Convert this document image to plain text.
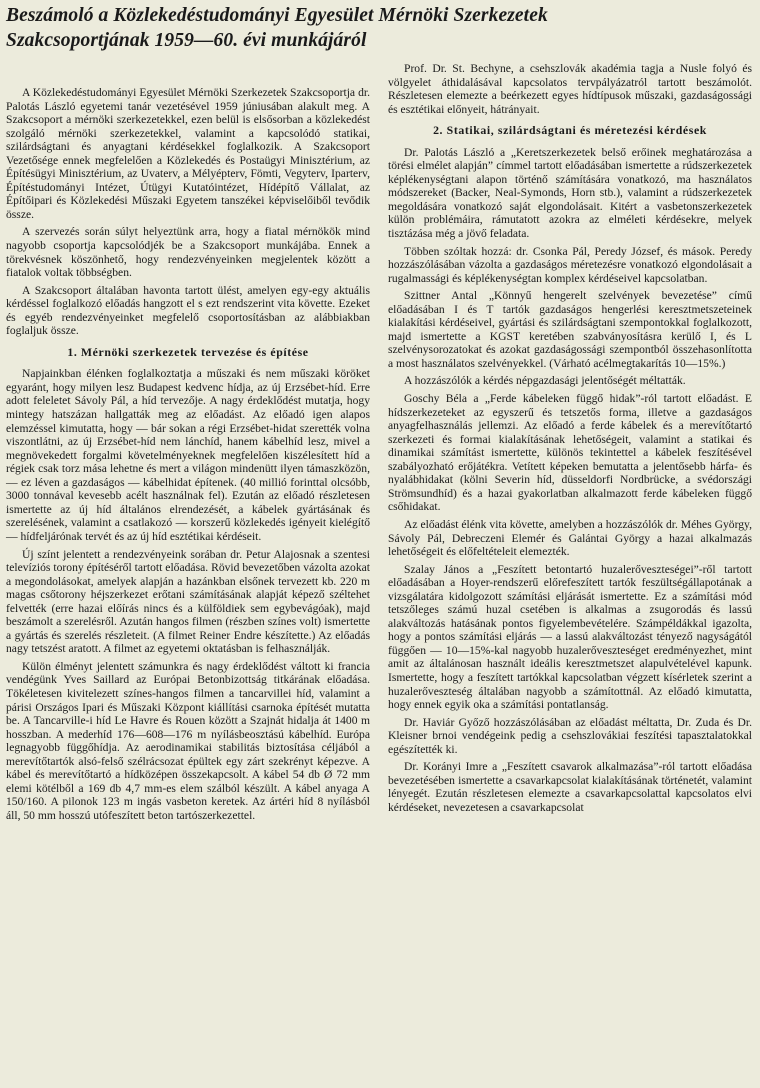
Beszámoló a Közlekedéstudományi Egyesület Mérnöki Szerkezetek
Szakcsoportjának 1959—60. évi munkájáról

A Közlekedéstudományi Egyesület Mérnöki Szerkezetek Szakcsoportja dr. Palotás László egyetemi tanár vezetésével 1959 júniusában alakult meg. A Szakcsoport a mérnöki szerkezetekkel, ezen belül is elsősorban a közlekedést szolgáló mérnöki szerkezetekkel, valamint a kapcsolódó statikai, szilárdságtani és anyagtani kérdésekkel foglalkozik. A Szakcsoport Vezetősége ennek megfelelően a Közlekedés és Postaügyi Minisztérium, az Építésügyi Minisztérium, az Uvaterv, a Mélyépterv, Fömti, Vegyterv, Iparterv, Építéstudományi Intézet, Útügyi Kutatóintézet, Hídépítő Vállalat, az Építőipari és Közlekedési Műszaki Egyetem tanszékei képviselőiből tevődik össze.

A szervezés során súlyt helyeztünk arra, hogy a fiatal mérnökök mind nagyobb csoportja kapcsolódjék be a Szakcsoport munkájába. Ennek a törekvésnek köszönhető, hogy rendezvényeinken megjelentek között a fiatalok voltak többségben.

A Szakcsoport általában havonta tartott ülést, amelyen egy-egy aktuális kérdéssel foglalkozó előadás hangzott el s ezt rendszerint vita követte. Ezeket és egyéb rendezvényeinket megfelelő csoportosításban az alábbiakban foglaljuk össze.

1. Mérnöki szerkezetek tervezése és építése

Napjainkban élénken foglalkoztatja a műszaki és nem műszaki köröket egyaránt, hogy milyen lesz Budapest kedvenc hídja, az új Erzsébet-híd. Erre adott feleletet Sávoly Pál, a híd tervezője. A nagy érdeklődést mutatja, hogy mintegy hatszázan hallgatták meg az előadást. Az előadó igen alapos elemzéssel kimutatta, hogy — bár sokan a régi Erzsébet-hidat szerették volna viszontlátni, az új Erzsébet-híd nem lánchíd, hanem kábelhíd lesz, mivel a megnövekedett forgalmi követelményeknek megfelelően kiszélesített híd a régiek csak torz mása lehetne és mert a világon mindenütt ilyen támaszközön, — ez léven a gazdaságos — kábelhidat építenek. (40 millió forinttal olcsóbb, 3000 tonnával kevesebb acélt használnak fel). Ezután az előadó részletesen ismertette az új híd általános elrendezését, a kábelek gyártásának és szerelésének, valamint a csatlakozó — korszerű közlekedés igényeit kielégítő — hídfeljárónak tervét és az új híd esztétikai kérdéseit.

Új színt jelentett a rendezvényeink sorában dr. Petur Alajosnak a szentesi televíziós torony építéséről tartott előadása. Rövid bevezetőben vázolta azokat a megondolásokat, amelyek alapján a hazánkban elsőnek tervezett kb. 220 m magas csőtorony héjszerkezet erőtani számításának alapját képező széltehet felvették (erre hazai előírás nincs és a külföldiek sem egybevágóak), majd beszámolt a szerelésről. Azután hangos filmen (részben színes volt) ismertette a gyártás és szerelés részleteit. (A filmet Reiner Endre készítette.) Az előadás nagy tetszést aratott. A filmet az egyetemi oktatásban is felhasználják.

Külön élményt jelentett számunkra és nagy érdeklődést váltott ki francia vendégünk Yves Saillard az Európai Betonbizottság titkárának előadása. Tökéletesen kivitelezett színes-hangos filmen a tancarvillei híd, valamint a párisi Országos Ipari és Műszaki Központ kiállítási csarnoka építését mutatta be. A Tancarville-i híd Le Havre és Rouen között a Szajnát hidalja át 1400 m hosszban. A mederhíd 176—608—176 m nyílásbeosztású kábelhíd. Európa legnagyobb függőhídja. Az aerodinamikai stabilitás biztosítása céljából a merevítőtartók alsó-felső szélrácsozat épültek egy zárt szekrényt képezve. A kábel és merevítőtartó a hídközépen összekapcsolt. A kábel 54 db Ø 72 mm elemi kötélből a 169 db 4,7 mm-es elem szálból készült. A kábel anyaga A 150/160. A pilonok 123 m ingás vasbeton keretek. Az ártéri híd 8 nyílásból áll, 50 mm hosszú utófeszített beton tartószerkezettel.

Prof. Dr. St. Bechyne, a csehszlovák akadémia tagja a Nusle folyó és völgyelet áthidalásával kapcsolatos tervpályázatról tartott beszámolót. Részletesen elemezte a beérkezett egyes hídtípusok műszaki, gazdaságossági és esztétikai előnyeit, hátrányait.

2. Statikai, szilárdságtani és méretezési kérdések

Dr. Palotás László a „Keretszerkezetek belső erőinek meghatározása a törési elmélet alapján” címmel tartott előadásában ismertette a rúdszerkezetek képlékenységtani alapon történő számítására vonatkozó, ma használatos módszereket (Backer, Neal-Symonds, Horn stb.), valamint a rúdszerkezetek megoldására vonatkozó saját elgondolásait. Kitért a vasbetonszerkezetek külön problémáira, rámutatott azokra az elméleti kérdésekre, melyek tisztázása még a jövő feladata.

Többen szóltak hozzá: dr. Csonka Pál, Peredy József, és mások. Peredy hozzászólásában vázolta a gazdaságos méretezésre vonatkozó elgondolásait a rugalmassági és képlékenységtan komplex kérdéseivel kapcsolatban.

Szittner Antal „Könnyű hengerelt szelvények bevezetése” című előadásában I és T tartók gazdaságos hengerlési keresztmetszeteinek kialakítási kérdéseivel, gyártási és szilárdságtani szempontokkal foglalkozott, majd ismertette a KGST keretében szabványosításra kerülő I, és L szelvénysorozatokat és azokat gazdaságossági szempontból összehasonlította a most használatos szelvényekkel. (Várható acélmegtakarítás 10—15%.)

A hozzászólók a kérdés népgazdasági jelentőségét méltatták.

Goschy Béla a „Ferde kábeleken függő hidak”-ról tartott előadást. E hídszerkezeteket az egyszerű és tetszetős forma, illetve a gazdaságos anyagfelhasználás jellemzi. Az előadó a ferde kábelek és a merevítőtartó szerkezeti és formai kialakításának lehetőségeit, valamint a statikai és dinamikai számítást ismertette, különös tekintettel a kábelek feszítésével szabályozható erőjátékra. Vetített képeken bemutatta a jelentősebb hárfa- és nyalábhidakat (kölni Severin híd, düsseldorfi Nordbrücke, a svédországi Strömsundhíd) és a hazai gyakorlatban alkalmazott ferde kábeleken függő csőhidakat.

Az előadást élénk vita követte, amelyben a hozzászólók dr. Méhes György, Sávoly Pál, Debreczeni Elemér és Galántai György a hazai alkalmazás lehetőségeit és előfeltételeit elemezték.

Szalay János a „Feszített betontartó huzalerőveszteségei”-ről tartott előadásában a Hoyer-rendszerű előrefeszített tartók feszültségállapotának a vizsgálatára kidolgozott számítási eljárását ismertette. Ez a számítási mód tetszőleges számú huzal csetében is alkalmas a zsugorodás és lassú alakváltozás hatásának pontos figyelembevételére. Számpéldákkal igazolta, hogy a pontos számítási eljárás — a lassú alakváltozást tényező nagyságától függően — 10—15%-kal nagyobb huzalerőveszteséget eredményezhet, mint amit az általánosan használt ideális keresztmetszet alapulvételével kapunk. Ismertette, hogy a feszített tartókkal kapcsolatban végzett kísérletek szerint a huzalerőveszteség általában nagyobb a számítottnál. Az előadó kimutatta, hogy ennek egyik oka a számítási pontatlanság.

Dr. Haviár Győző hozzászólásában az előadást méltatta, Dr. Zuda és Dr. Kleisner brnoi vendégeink pedig a csehszlovákiai feszítési tapasztalatokkal egészítették ki.

Dr. Korányi Imre a „Feszített csavarok alkalmazása”-ról tartott előadása bevezetésében ismertette a csavarkapcsolat kialakításának történetét, valamint lényegét. Ezután részletesen elemezte a csavarkapcsolattal kapcsolatos elvi kérdéseket, nevezetesen a csavarkapcsolat
